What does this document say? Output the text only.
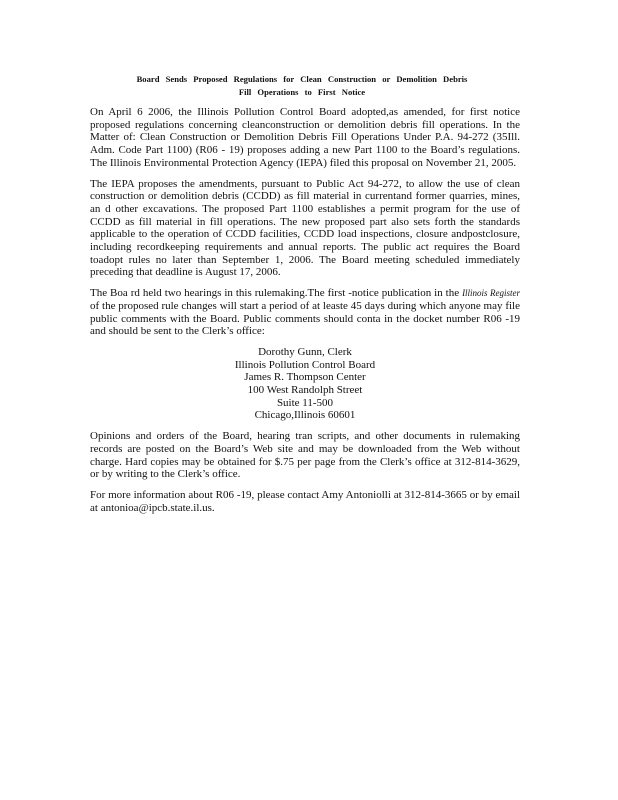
Board Sends Proposed Regulations for Clean Construction or Demolition Debris
Fill Operations to First Notice

On April 6 2006, the Illinois Pollution Control Board adopted,as amended, for first notice proposed regulations concerning cleanconstruction or demolition debris fill operations. In the Matter of: Clean Construction or Demolition Debris Fill Operations Under P.A. 94-272 (35Ill. Adm. Code Part 1100) (R06 - 19) proposes adding a new Part 1100 to the Board’s regulations. The Illinois Environmental Protection Agency (IEPA) filed this proposal on November 21, 2005.

The IEPA proposes the amendments, pursuant to Public Act 94-272, to allow the use of clean construction or demolition debris (CCDD) as fill material in currentand former quarries, mines, an d other excavations. The proposed Part 1100 establishes a permit program for the use of CCDD as fill material in fill operations. The new proposed part also sets forth the standards applicable to the operation of CCDD facilities, CCDD load inspections, closure andpostclosure, including recordkeeping requirements and annual reports. The public act requires the Board toadopt rules no later than September 1, 2006. The Board meeting scheduled immediately preceding that deadline is August 17, 2006.

The Boa rd held two hearings in this rulemaking.The first -notice publication in the Illinois Register of the proposed rule changes will start a period of at leaste 45 days during which anyone may file public comments with the Board. Public comments should conta in the docket number R06 -19 and should be sent to the Clerk’s office:

Dorothy Gunn, Clerk
Illinois Pollution Control Board
James R. Thompson Center
100 West Randolph Street
Suite 11-500
Chicago,Illinois 60601

Opinions and orders of the Board, hearing tran scripts, and other documents in rulemaking records are posted on the Board’s Web site and may be downloaded from the Web without charge. Hard copies may be obtained for $.75 per page from the Clerk’s office at 312-814-3629, or by writing to the Clerk’s office.

For more information about R06 -19, please contact Amy Antoniolli at 312-814-3665 or by email at antonioa@ipcb.state.il.us.
